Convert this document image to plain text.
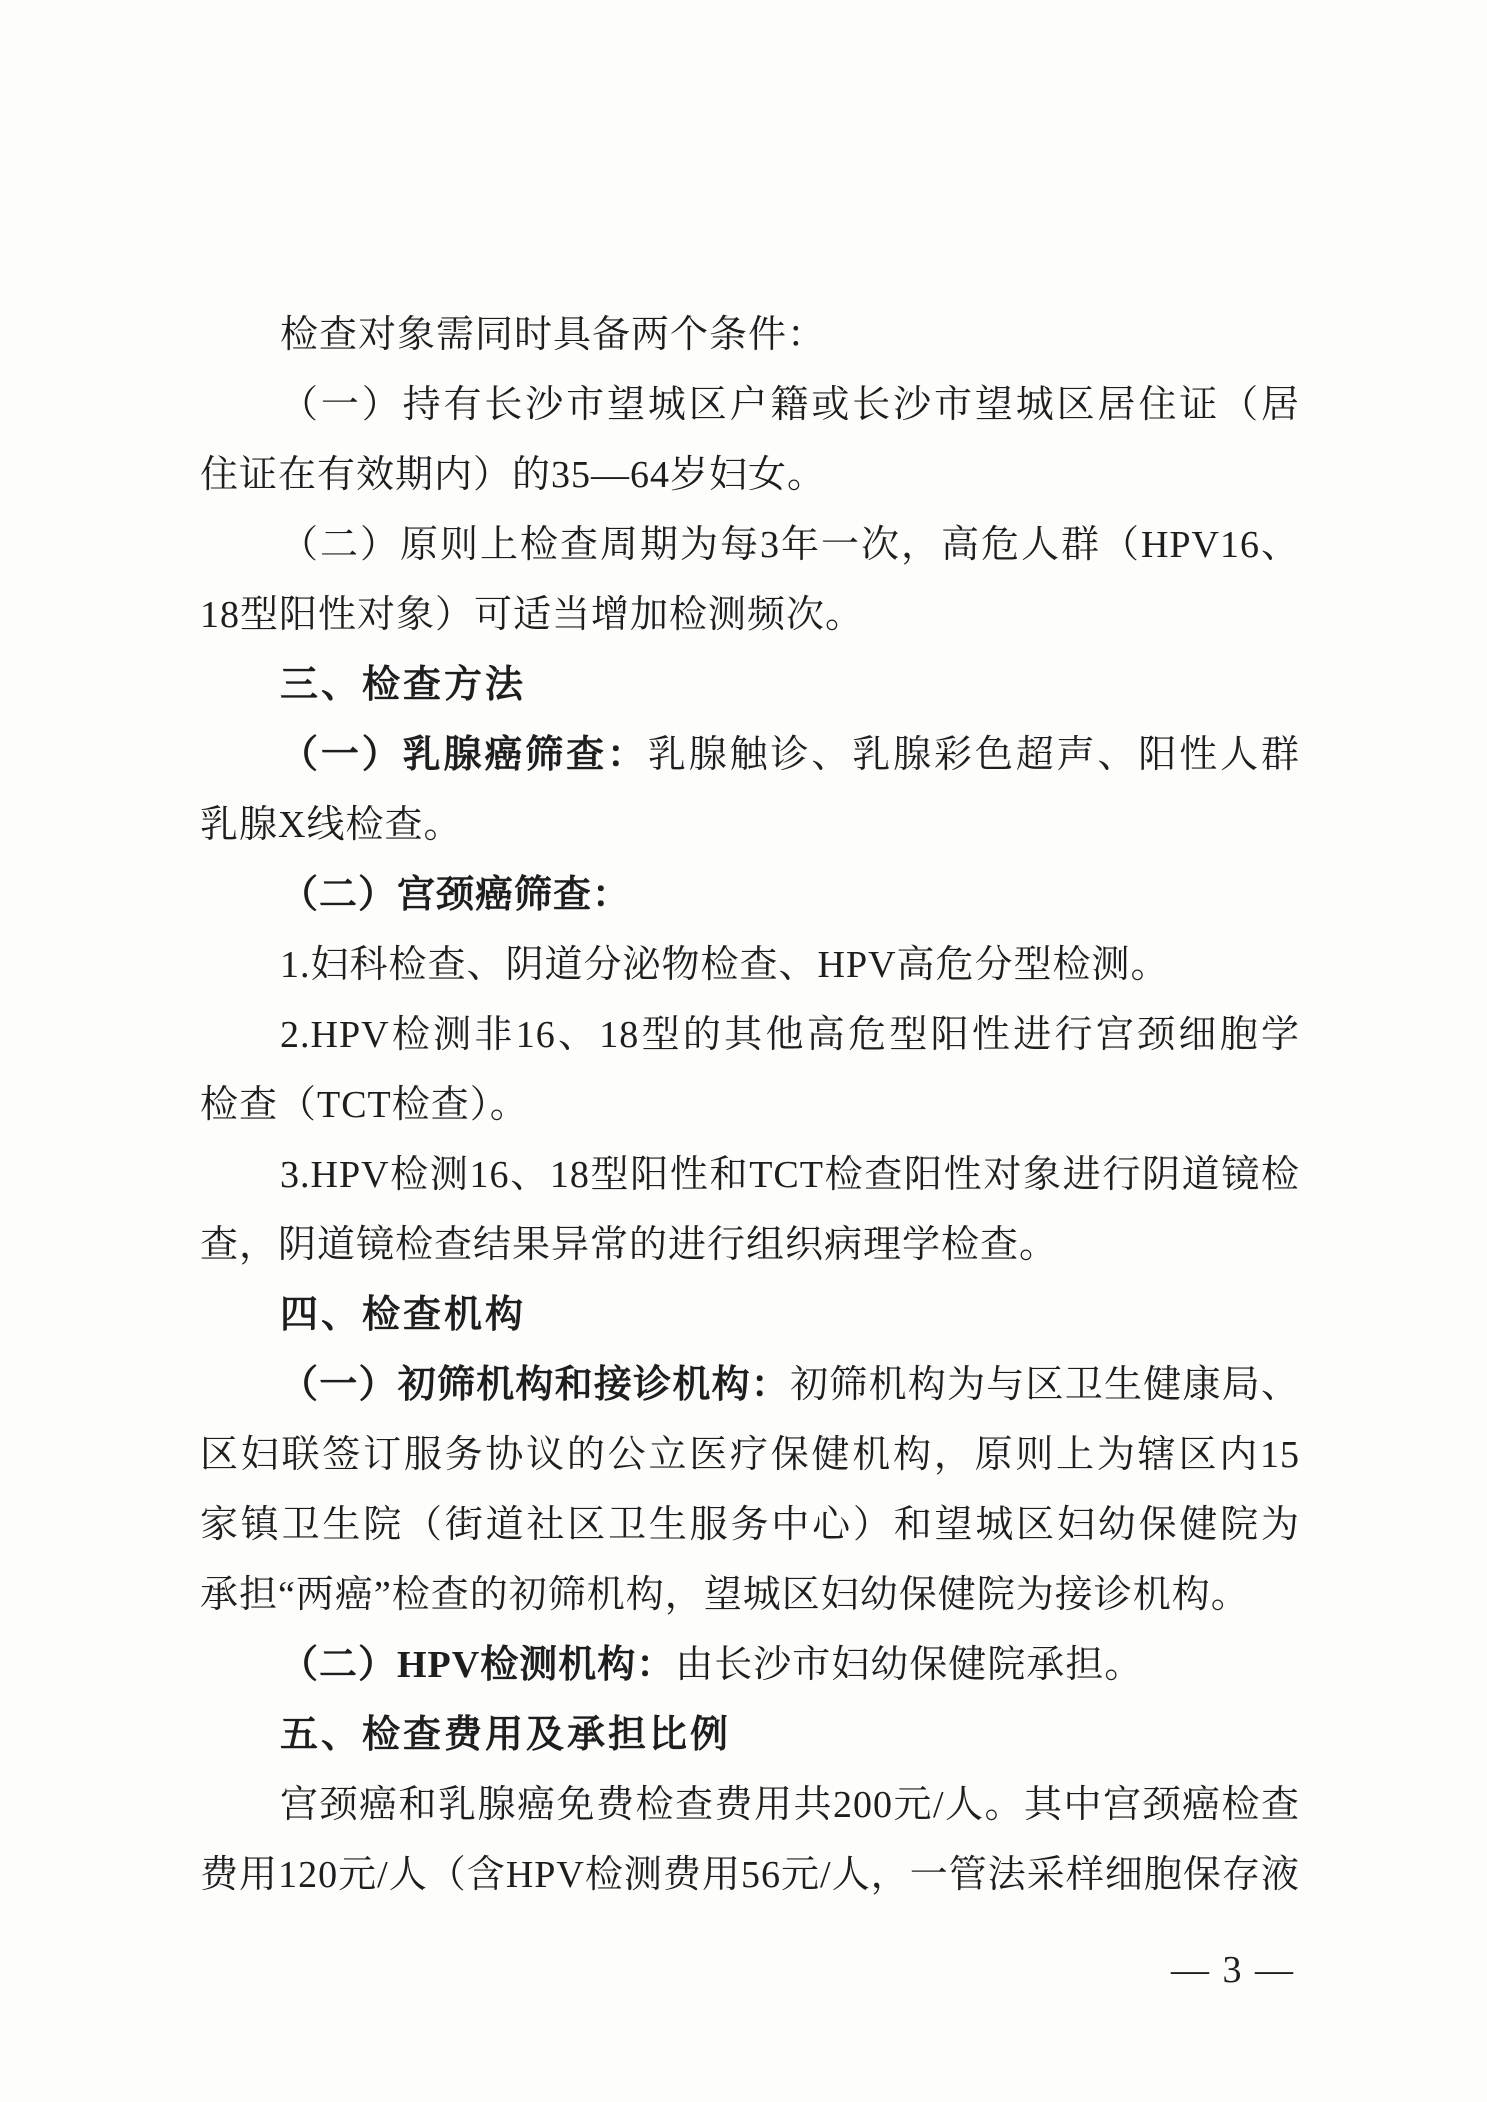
检查对象需同时具备两个条件：
（一）持有长沙市望城区户籍或长沙市望城区居住证（居
住证在有效期内）的35—64岁妇女。
（二）原则上检查周期为每3年一次，高危人群（HPV16、
18型阳性对象）可适当增加检测频次。
三、检查方法
（一）乳腺癌筛查：乳腺触诊、乳腺彩色超声、阳性人群
乳腺X线检查。
（二）宫颈癌筛查：
1.妇科检查、阴道分泌物检查、HPV高危分型检测。
2.HPV检测非16、18型的其他高危型阳性进行宫颈细胞学
检查（TCT检查）。
3.HPV检测16、18型阳性和TCT检查阳性对象进行阴道镜检
查，阴道镜检查结果异常的进行组织病理学检查。
四、检查机构
（一）初筛机构和接诊机构：初筛机构为与区卫生健康局、
区妇联签订服务协议的公立医疗保健机构，原则上为辖区内15
家镇卫生院（街道社区卫生服务中心）和望城区妇幼保健院为
承担“两癌”检查的初筛机构，望城区妇幼保健院为接诊机构。
（二）HPV检测机构：由长沙市妇幼保健院承担。
五、检查费用及承担比例
宫颈癌和乳腺癌免费检查费用共200元/人。其中宫颈癌检查
费用120元/人（含HPV检测费用56元/人，一管法采样细胞保存液
— 3 —
